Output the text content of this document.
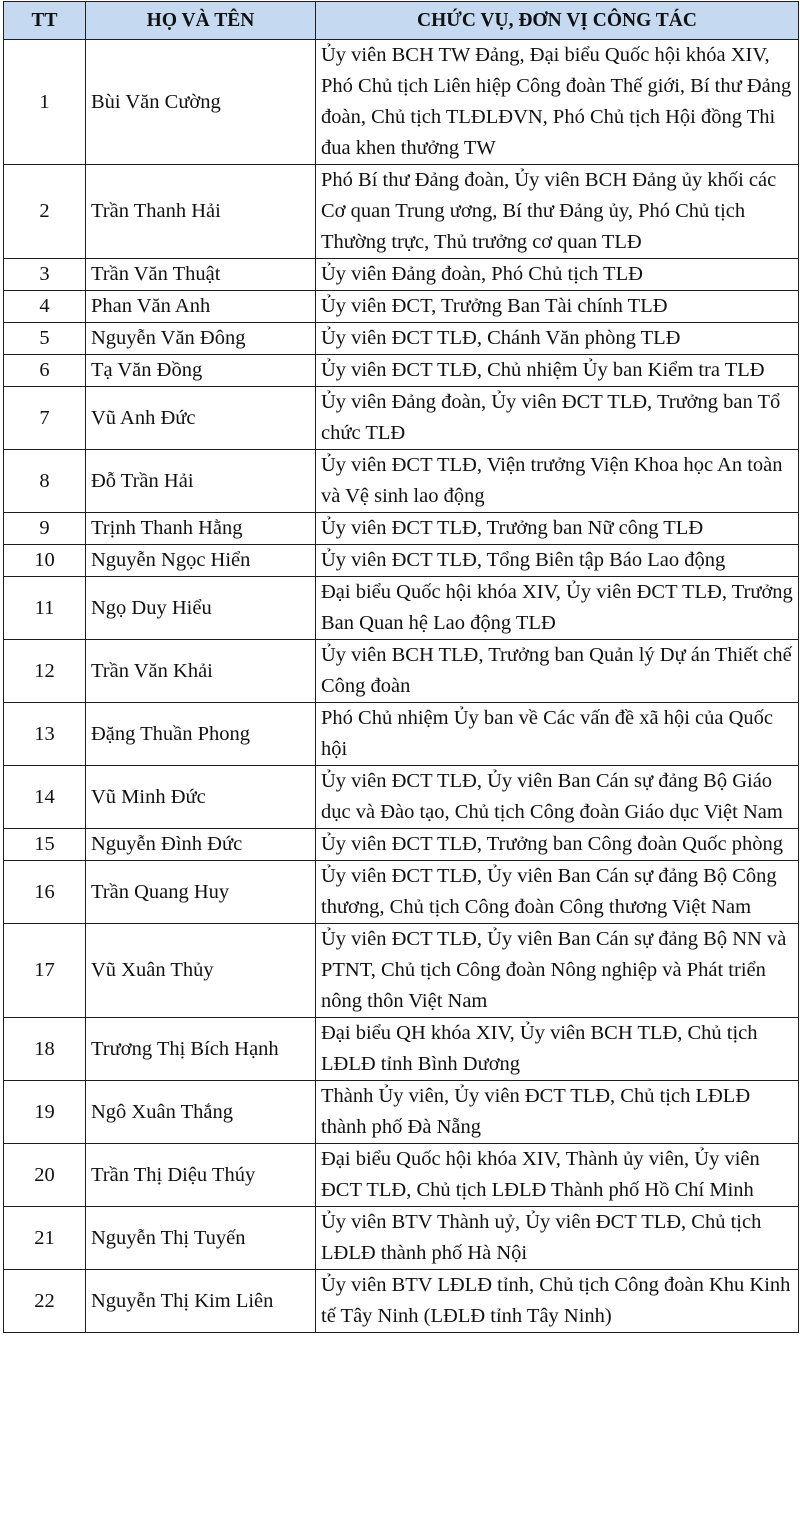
TT	HỌ VÀ TÊN	CHỨC VỤ, ĐƠN VỊ CÔNG TÁC
1	Bùi Văn Cường	Ủy viên BCH TW Đảng, Đại biểu Quốc hội khóa XIV, Phó Chủ tịch Liên hiệp Công đoàn Thế giới, Bí thư Đảng đoàn, Chủ tịch TLĐLĐVN, Phó Chủ tịch Hội đồng Thi đua khen thưởng TW
2	Trần Thanh Hải	Phó Bí thư Đảng đoàn, Ủy viên BCH Đảng ủy khối các Cơ quan Trung ương, Bí thư Đảng ủy, Phó Chủ tịch Thường trực, Thủ trưởng cơ quan TLĐ
3	Trần Văn Thuật	Ủy viên Đảng đoàn, Phó Chủ tịch TLĐ
4	Phan Văn Anh	Ủy viên ĐCT, Trưởng Ban Tài chính TLĐ
5	Nguyễn Văn Đông	Ủy viên ĐCT TLĐ, Chánh Văn phòng TLĐ
6	Tạ Văn Đồng	Ủy viên ĐCT TLĐ, Chủ nhiệm Ủy ban Kiểm tra TLĐ
7	Vũ Anh Đức	Ủy viên Đảng đoàn, Ủy viên ĐCT TLĐ, Trưởng ban Tổ chức TLĐ
8	Đỗ Trần Hải	Ủy viên ĐCT TLĐ, Viện trưởng Viện Khoa học An toàn và Vệ sinh lao động
9	Trịnh Thanh Hằng	Ủy viên ĐCT TLĐ, Trưởng ban Nữ công TLĐ
10	Nguyễn Ngọc Hiển	Ủy viên ĐCT TLĐ, Tổng Biên tập Báo Lao động
11	Ngọ Duy Hiểu	Đại biểu Quốc hội khóa XIV, Ủy viên ĐCT TLĐ, Trưởng Ban Quan hệ Lao động TLĐ
12	Trần Văn Khải	Ủy viên BCH TLĐ, Trưởng ban Quản lý Dự án Thiết chế Công đoàn
13	Đặng Thuần Phong	Phó Chủ nhiệm Ủy ban về Các vấn đề xã hội của Quốc hội
14	Vũ Minh Đức	Ủy viên ĐCT TLĐ, Ủy viên Ban Cán sự đảng Bộ Giáo dục và Đào tạo, Chủ tịch Công đoàn Giáo dục Việt Nam
15	Nguyễn Đình Đức	Ủy viên ĐCT TLĐ, Trưởng ban Công đoàn Quốc phòng
16	Trần Quang Huy	Ủy viên ĐCT TLĐ, Ủy viên Ban Cán sự đảng Bộ Công thương, Chủ tịch Công đoàn Công thương Việt Nam
17	Vũ Xuân Thủy	Ủy viên ĐCT TLĐ, Ủy viên Ban Cán sự đảng Bộ NN và PTNT, Chủ tịch Công đoàn Nông nghiệp và Phát triển nông thôn Việt Nam
18	Trương Thị Bích Hạnh	Đại biểu QH khóa XIV, Ủy viên BCH TLĐ, Chủ tịch LĐLĐ tỉnh Bình Dương
19	Ngô Xuân Thắng	Thành Ủy viên, Ủy viên ĐCT TLĐ, Chủ tịch LĐLĐ thành phố Đà Nẵng
20	Trần Thị Diệu Thúy	Đại biểu Quốc hội khóa XIV, Thành ủy viên, Ủy viên ĐCT TLĐ, Chủ tịch LĐLĐ Thành phố Hồ Chí Minh
21	Nguyễn Thị Tuyến	Ủy viên BTV Thành uỷ, Ủy viên ĐCT TLĐ, Chủ tịch LĐLĐ thành phố Hà Nội
22	Nguyễn Thị Kim Liên	Ủy viên BTV LĐLĐ tỉnh, Chủ tịch Công đoàn Khu Kinh tế Tây Ninh (LĐLĐ tỉnh Tây Ninh)
